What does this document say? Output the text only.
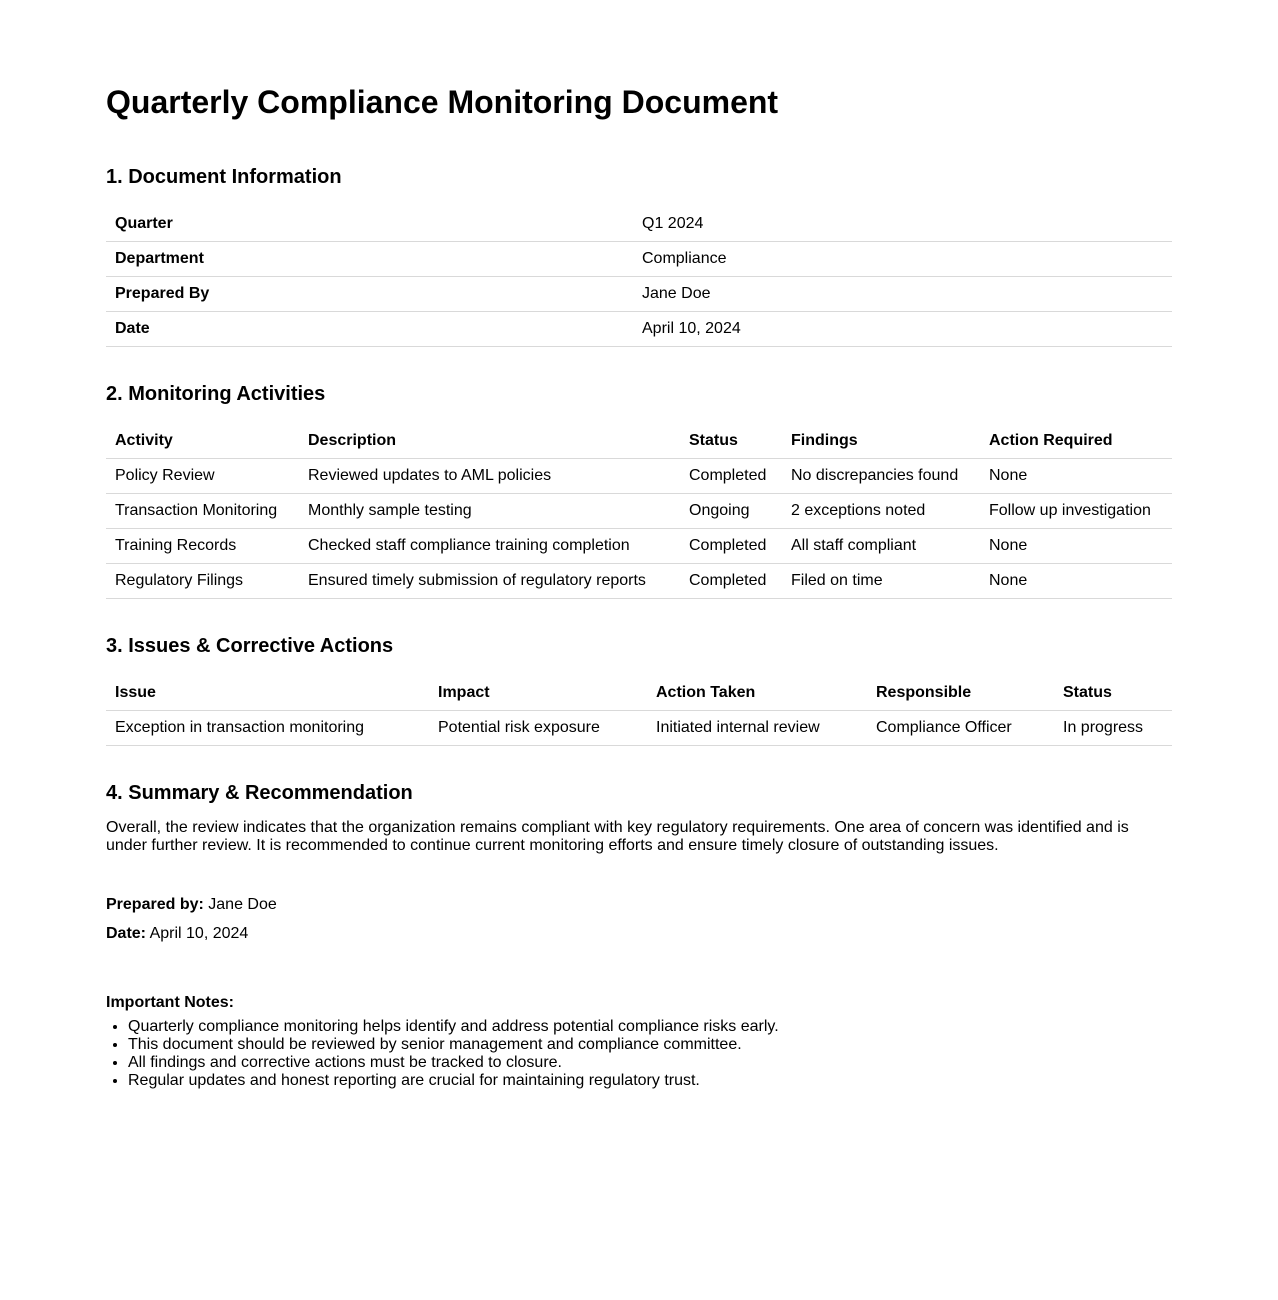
Quarterly Compliance Monitoring Document
1. Document Information
Quarter	Q1 2024
Department	Compliance
Prepared By	Jane Doe
Date	April 10, 2024
2. Monitoring Activities
Activity	Description	Status	Findings	Action Required
Policy Review	Reviewed updates to AML policies	Completed	No discrepancies found	None
Transaction Monitoring	Monthly sample testing	Ongoing	2 exceptions noted	Follow up investigation
Training Records	Checked staff compliance training completion	Completed	All staff compliant	None
Regulatory Filings	Ensured timely submission of regulatory reports	Completed	Filed on time	None
3. Issues & Corrective Actions
Issue	Impact	Action Taken	Responsible	Status
Exception in transaction monitoring	Potential risk exposure	Initiated internal review	Compliance Officer	In progress
4. Summary & Recommendation

Overall, the review indicates that the organization remains compliant with key regulatory requirements. One area of concern was identified and is under further review. It is recommended to continue current monitoring efforts and ensure timely closure of outstanding issues.

Prepared by: Jane Doe
Date: April 10, 2024
Important Notes:
• Quarterly compliance monitoring helps identify and address potential compliance risks early.
• This document should be reviewed by senior management and compliance committee.
• All findings and corrective actions must be tracked to closure.
• Regular updates and honest reporting are crucial for maintaining regulatory trust.
